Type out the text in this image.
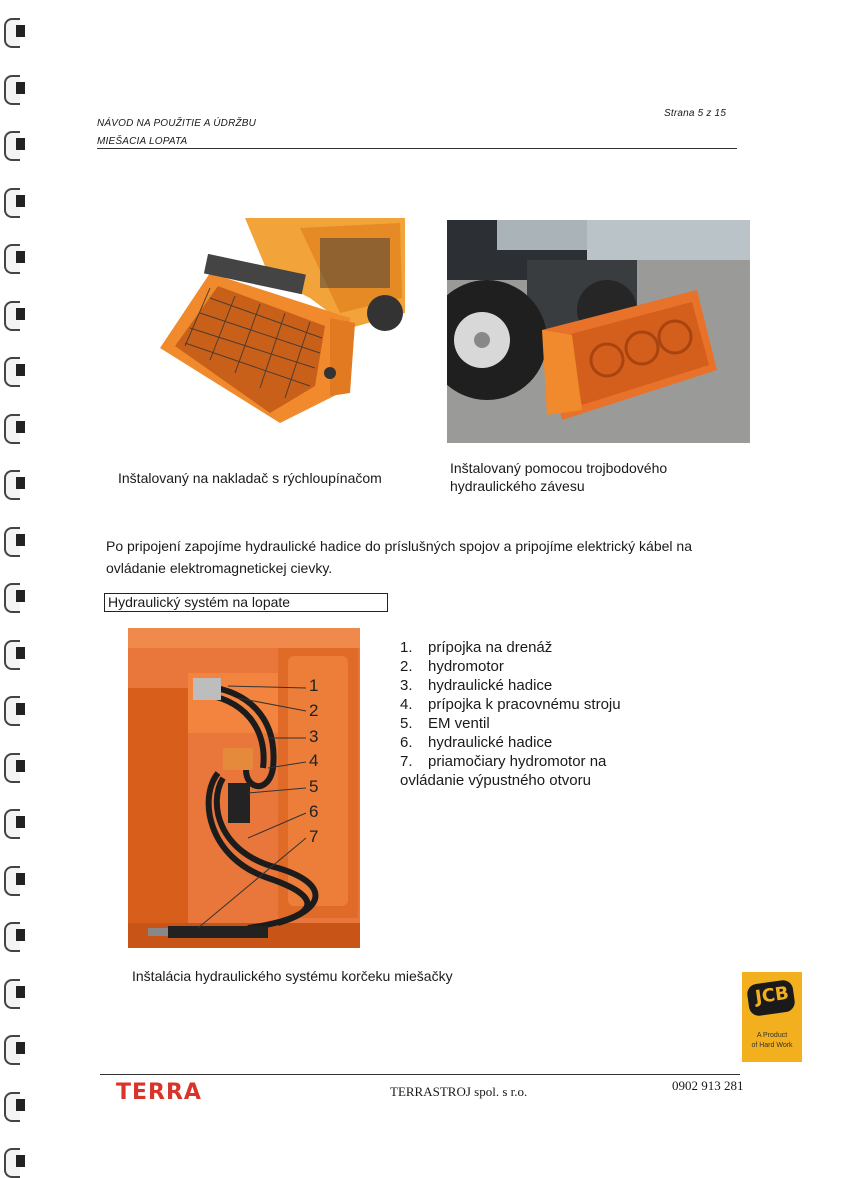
NÁVOD NA POUŽITIE A ÚDRŽBU
MIEŠACIA LOPATA
Strana 5 z 15
Inštalovaný na nakladač s rýchloupínačom
Inštalovaný pomocou trojbodového
hydraulického závesu
Po pripojení zapojíme hydraulické hadice do príslušných spojov a pripojíme elektrický kábel na
ovládanie elektromagnetickej cievky.
Hydraulický systém na lopate
1
2
3
4
5
6
7
1. prípojka na drenáž
2. hydromotor
3. hydraulické hadice
4. prípojka k pracovnému stroju
5. EM ventil
6. hydraulické hadice
7. priamočiary hydromotor na
ovládanie výpustného otvoru
Inštalácia hydraulického systému korčeku miešačky
JCB
A Product
of Hard Work
TERRA	TERRASTROJ spol. s r.o.	0902 913 281
